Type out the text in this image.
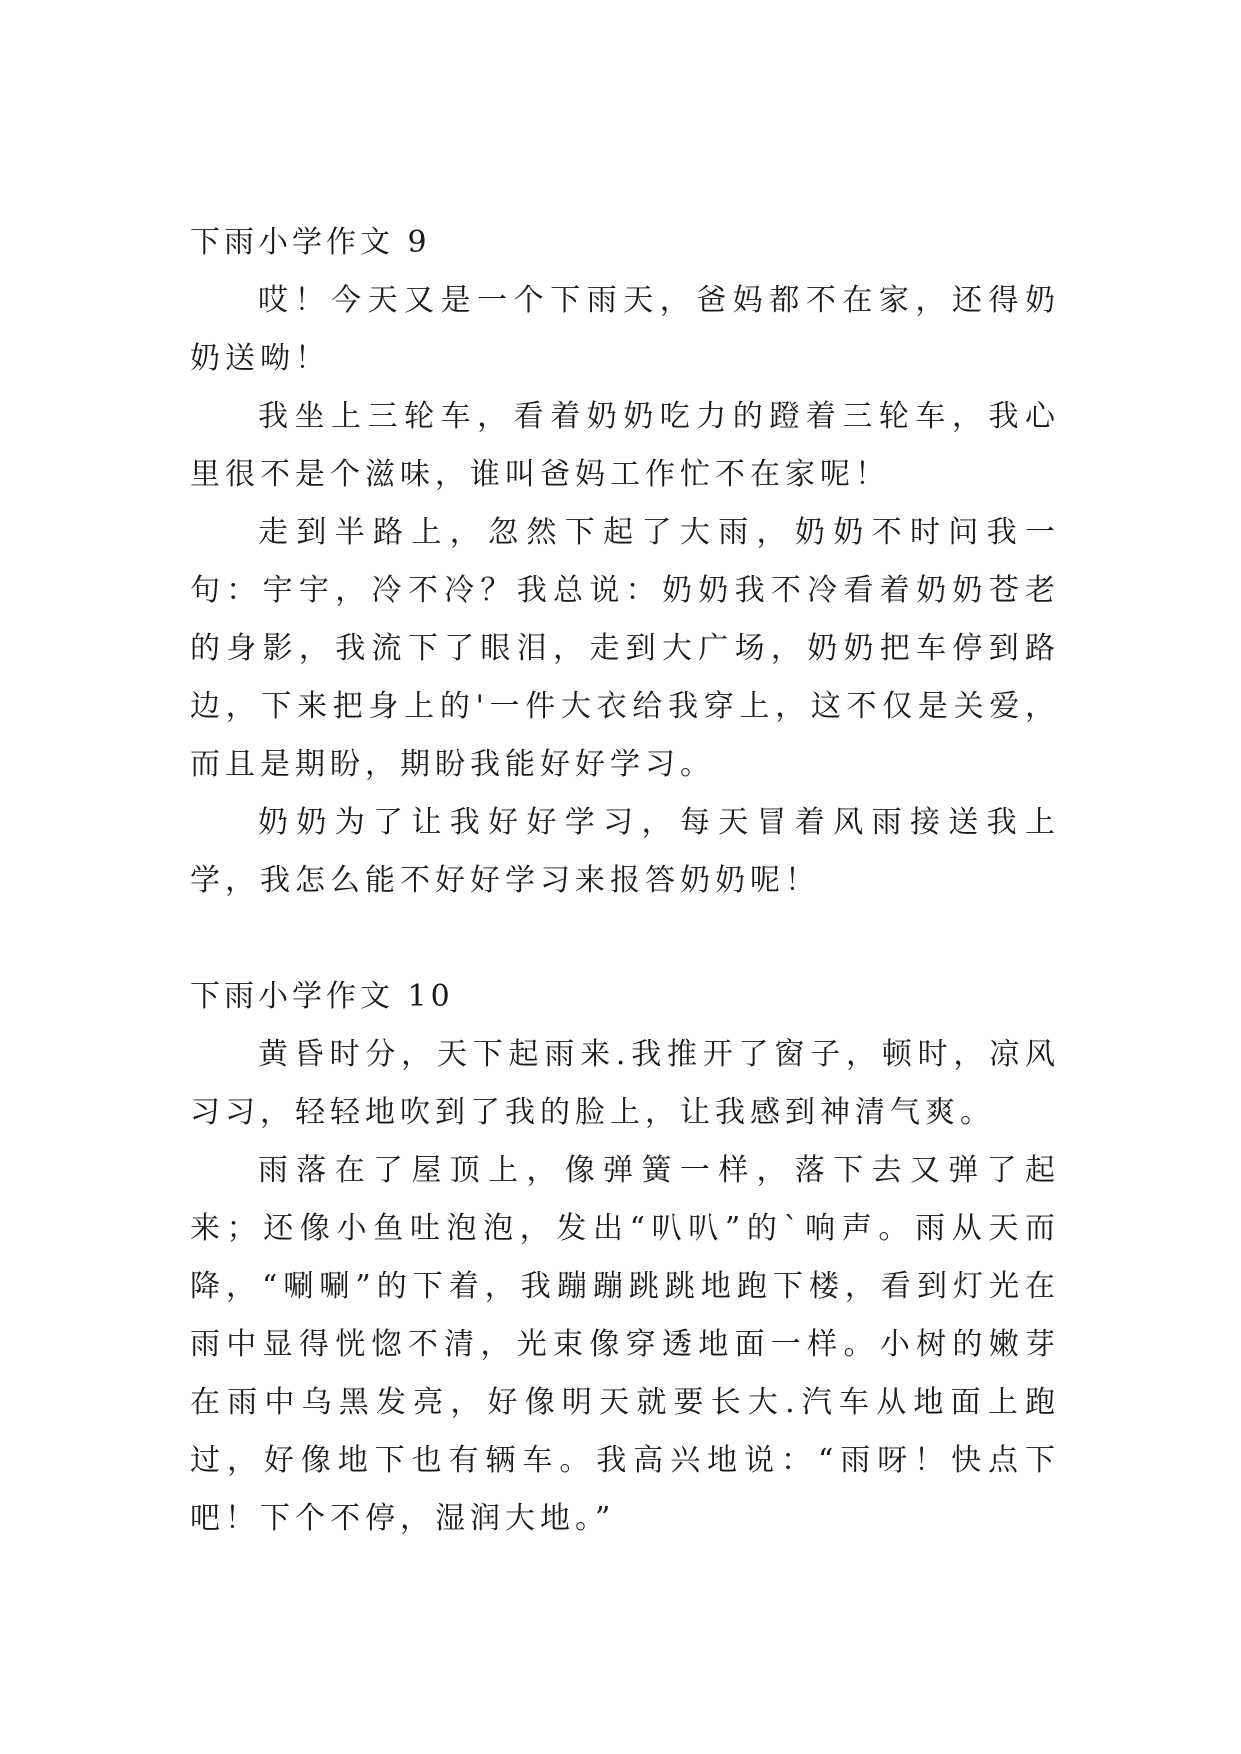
下雨小学作文 9

哎！今天又是一个下雨天，爸妈都不在家，还得奶奶送呦！

我坐上三轮车，看着奶奶吃力的蹬着三轮车，我心里很不是个滋味，谁叫爸妈工作忙不在家呢！

走到半路上，忽然下起了大雨，奶奶不时问我一句：宇宇，冷不冷？我总说：奶奶我不冷看着奶奶苍老的身影，我流下了眼泪，走到大广场，奶奶把车停到路边，下来把身上的'一件大衣给我穿上，这不仅是关爱，而且是期盼，期盼我能好好学习。

奶奶为了让我好好学习，每天冒着风雨接送我上学，我怎么能不好好学习来报答奶奶呢！

下雨小学作文 10

黄昏时分，天下起雨来.我推开了窗子，顿时，凉风习习，轻轻地吹到了我的脸上，让我感到神清气爽。

雨落在了屋顶上，像弹簧一样，落下去又弹了起来；还像小鱼吐泡泡，发出“叭叭”的`响声。雨从天而降，“唰唰”的下着，我蹦蹦跳跳地跑下楼，看到灯光在雨中显得恍惚不清，光束像穿透地面一样。小树的嫩芽在雨中乌黑发亮，好像明天就要长大.汽车从地面上跑过，好像地下也有辆车。我高兴地说：“雨呀！快点下吧！下个不停，湿润大地。”
